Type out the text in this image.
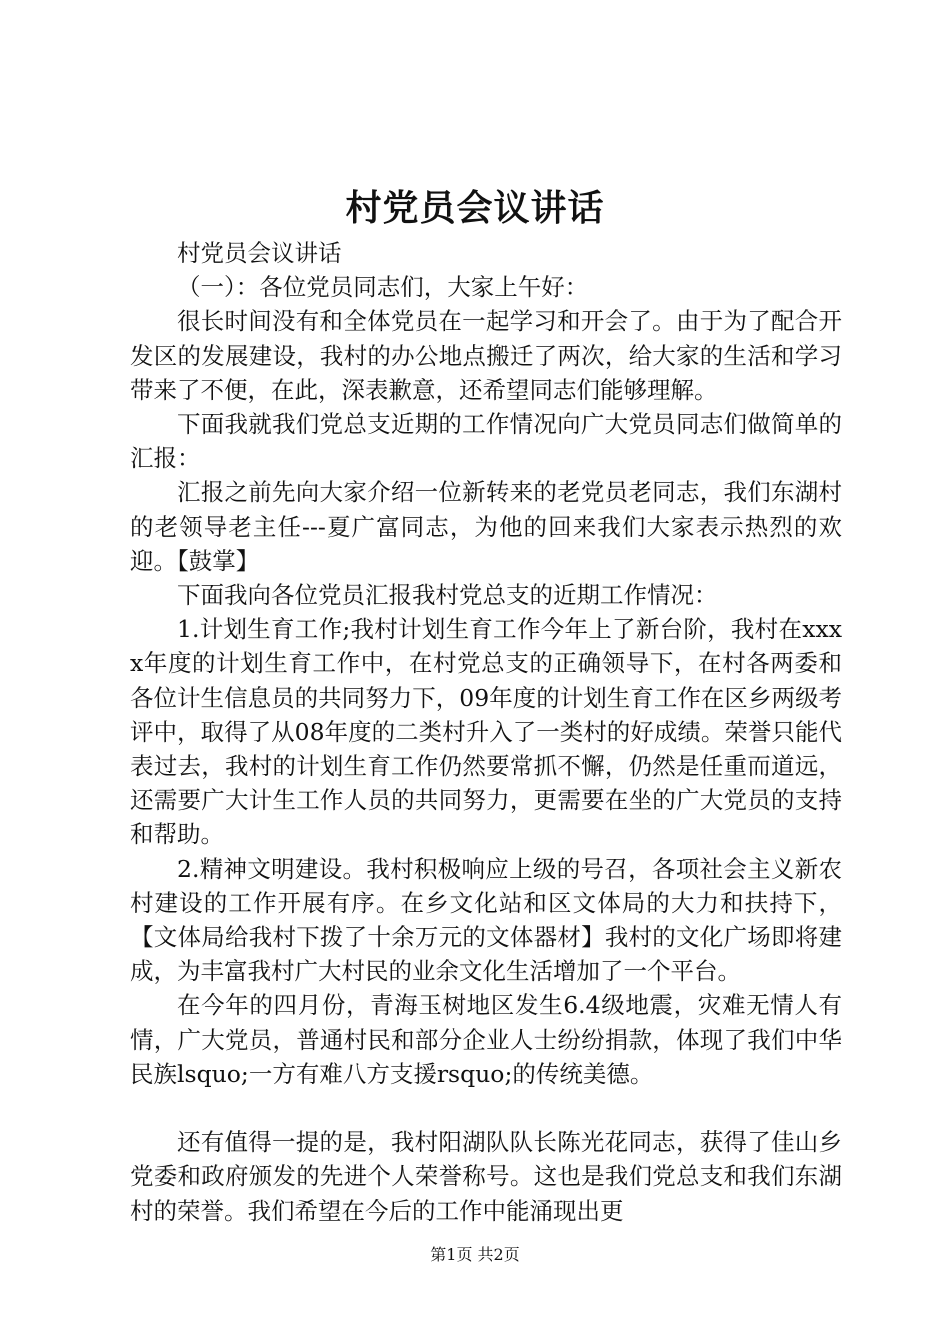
村党员会议讲话

村党员会议讲话

（一）：各位党员同志们，大家上午好：

很长时间没有和全体党员在一起学习和开会了。由于为了配合开发区的发展建设，我村的办公地点搬迁了两次，给大家的生活和学习带来了不便，在此，深表歉意，还希望同志们能够理解。

下面我就我们党总支近期的工作情况向广大党员同志们做简单的汇报：

汇报之前先向大家介绍一位新转来的老党员老同志，我们东湖村的老领导老主任---夏广富同志，为他的回来我们大家表示热烈的欢迎。【鼓掌】

下面我向各位党员汇报我村党总支的近期工作情况：

1.计划生育工作;我村计划生育工作今年上了新台阶，我村在xxxx年度的计划生育工作中，在村党总支的正确领导下，在村各两委和各位计生信息员的共同努力下，09年度的计划生育工作在区乡两级考评中，取得了从08年度的二类村升入了一类村的好成绩。荣誉只能代表过去，我村的计划生育工作仍然要常抓不懈，仍然是任重而道远，还需要广大计生工作人员的共同努力，更需要在坐的广大党员的支持和帮助。

2.精神文明建设。我村积极响应上级的号召，各项社会主义新农村建设的工作开展有序。在乡文化站和区文体局的大力和扶持下，【文体局给我村下拨了十余万元的文体器材】我村的文化广场即将建成，为丰富我村广大村民的业余文化生活增加了一个平台。

在今年的四月份，青海玉树地区发生6.4级地震，灾难无情人有情，广大党员，普通村民和部分企业人士纷纷捐款，体现了我们中华民族lsquo;一方有难八方支援rsquo;的传统美德。

还有值得一提的是，我村阳湖队队长陈光花同志，获得了佳山乡党委和政府颁发的先进个人荣誉称号。这也是我们党总支和我们东湖村的荣誉。我们希望在今后的工作中能涌现出更

第1页 共2页
